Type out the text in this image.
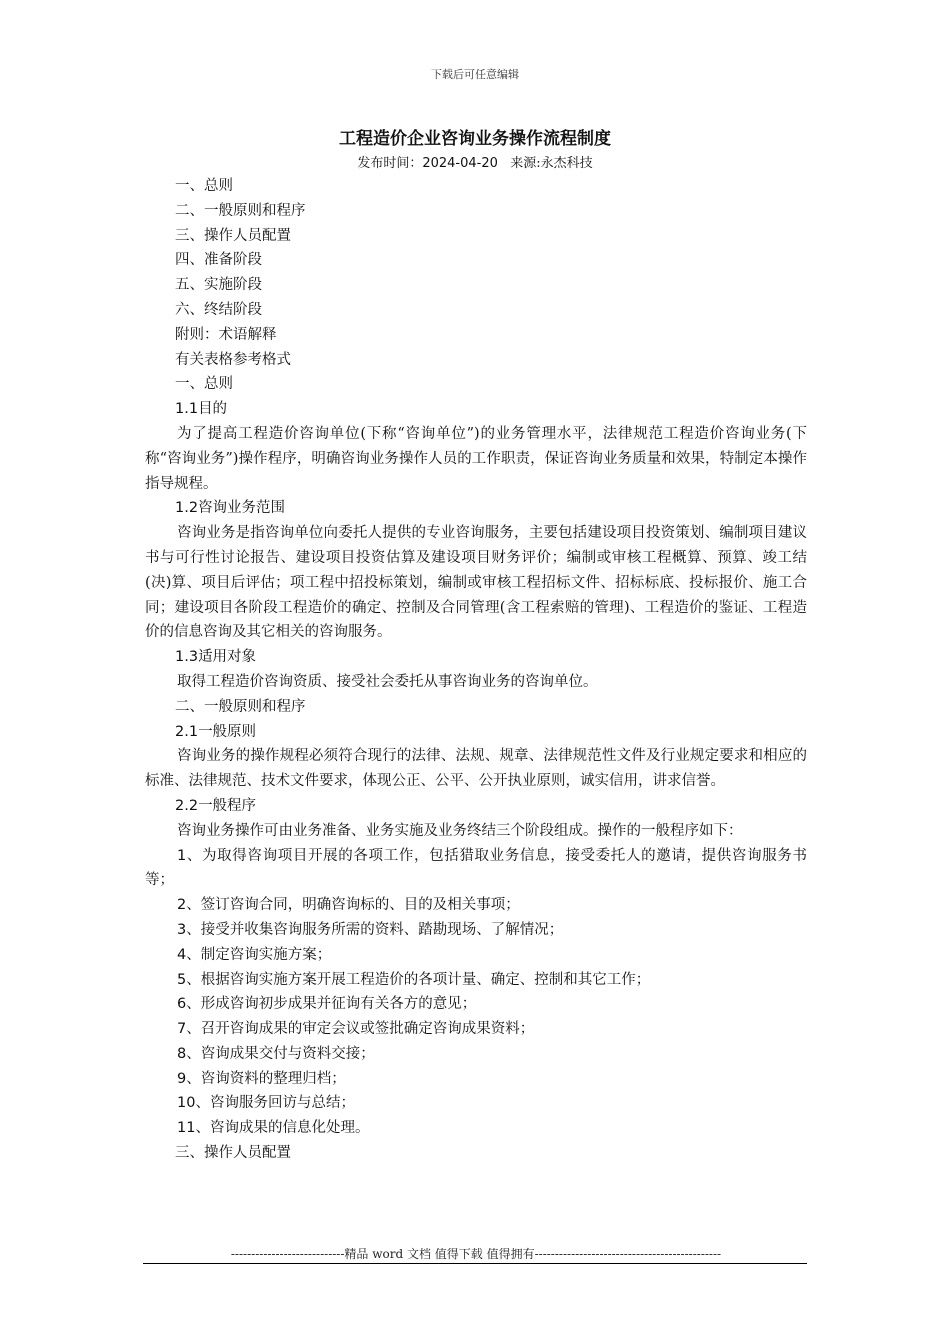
下载后可任意编辑
工程造价企业咨询业务操作流程制度
发布时间：2024-04-20 来源:永杰科技
一、总则
二、一般原则和程序
三、操作人员配置
四、准备阶段
五、实施阶段
六、终结阶段
附则：术语解释
有关表格参考格式
一、总则
1.1目的
为了提高工程造价咨询单位(下称“咨询单位”)的业务管理水平，法律规范工程造价咨询业务(下称“咨询业务”)操作程序，明确咨询业务操作人员的工作职责，保证咨询业务质量和效果，特制定本操作指导规程。
1.2咨询业务范围
咨询业务是指咨询单位向委托人提供的专业咨询服务，主要包括建设项目投资策划、编制项目建议书与可行性讨论报告、建设项目投资估算及建设项目财务评价；编制或审核工程概算、预算、竣工结(决)算、项目后评估；项工程中招投标策划，编制或审核工程招标文件、招标标底、投标报价、施工合同；建设项目各阶段工程造价的确定、控制及合同管理(含工程索赔的管理)、工程造价的鉴证、工程造价的信息咨询及其它相关的咨询服务。
1.3适用对象
取得工程造价咨询资质、接受社会委托从事咨询业务的咨询单位。
二、一般原则和程序
2.1一般原则
咨询业务的操作规程必须符合现行的法律、法规、规章、法律规范性文件及行业规定要求和相应的标准、法律规范、技术文件要求，体现公正、公平、公开执业原则，诚实信用，讲求信誉。
2.2一般程序
咨询业务操作可由业务准备、业务实施及业务终结三个阶段组成。操作的一般程序如下：
1、为取得咨询项目开展的各项工作，包括猎取业务信息，接受委托人的邀请，提供咨询服务书等；
2、签订咨询合同，明确咨询标的、目的及相关事项；
3、接受并收集咨询服务所需的资料、踏勘现场、了解情况；
4、制定咨询实施方案；
5、根据咨询实施方案开展工程造价的各项计量、确定、控制和其它工作；
6、形成咨询初步成果并征询有关各方的意见；
7、召开咨询成果的审定会议或签批确定咨询成果资料；
8、咨询成果交付与资料交接；
9、咨询资料的整理归档；
10、咨询服务回访与总结；
11、咨询成果的信息化处理。
三、操作人员配置
----------------------------精品 word 文档 值得下载 值得拥有----------------------------------------------
